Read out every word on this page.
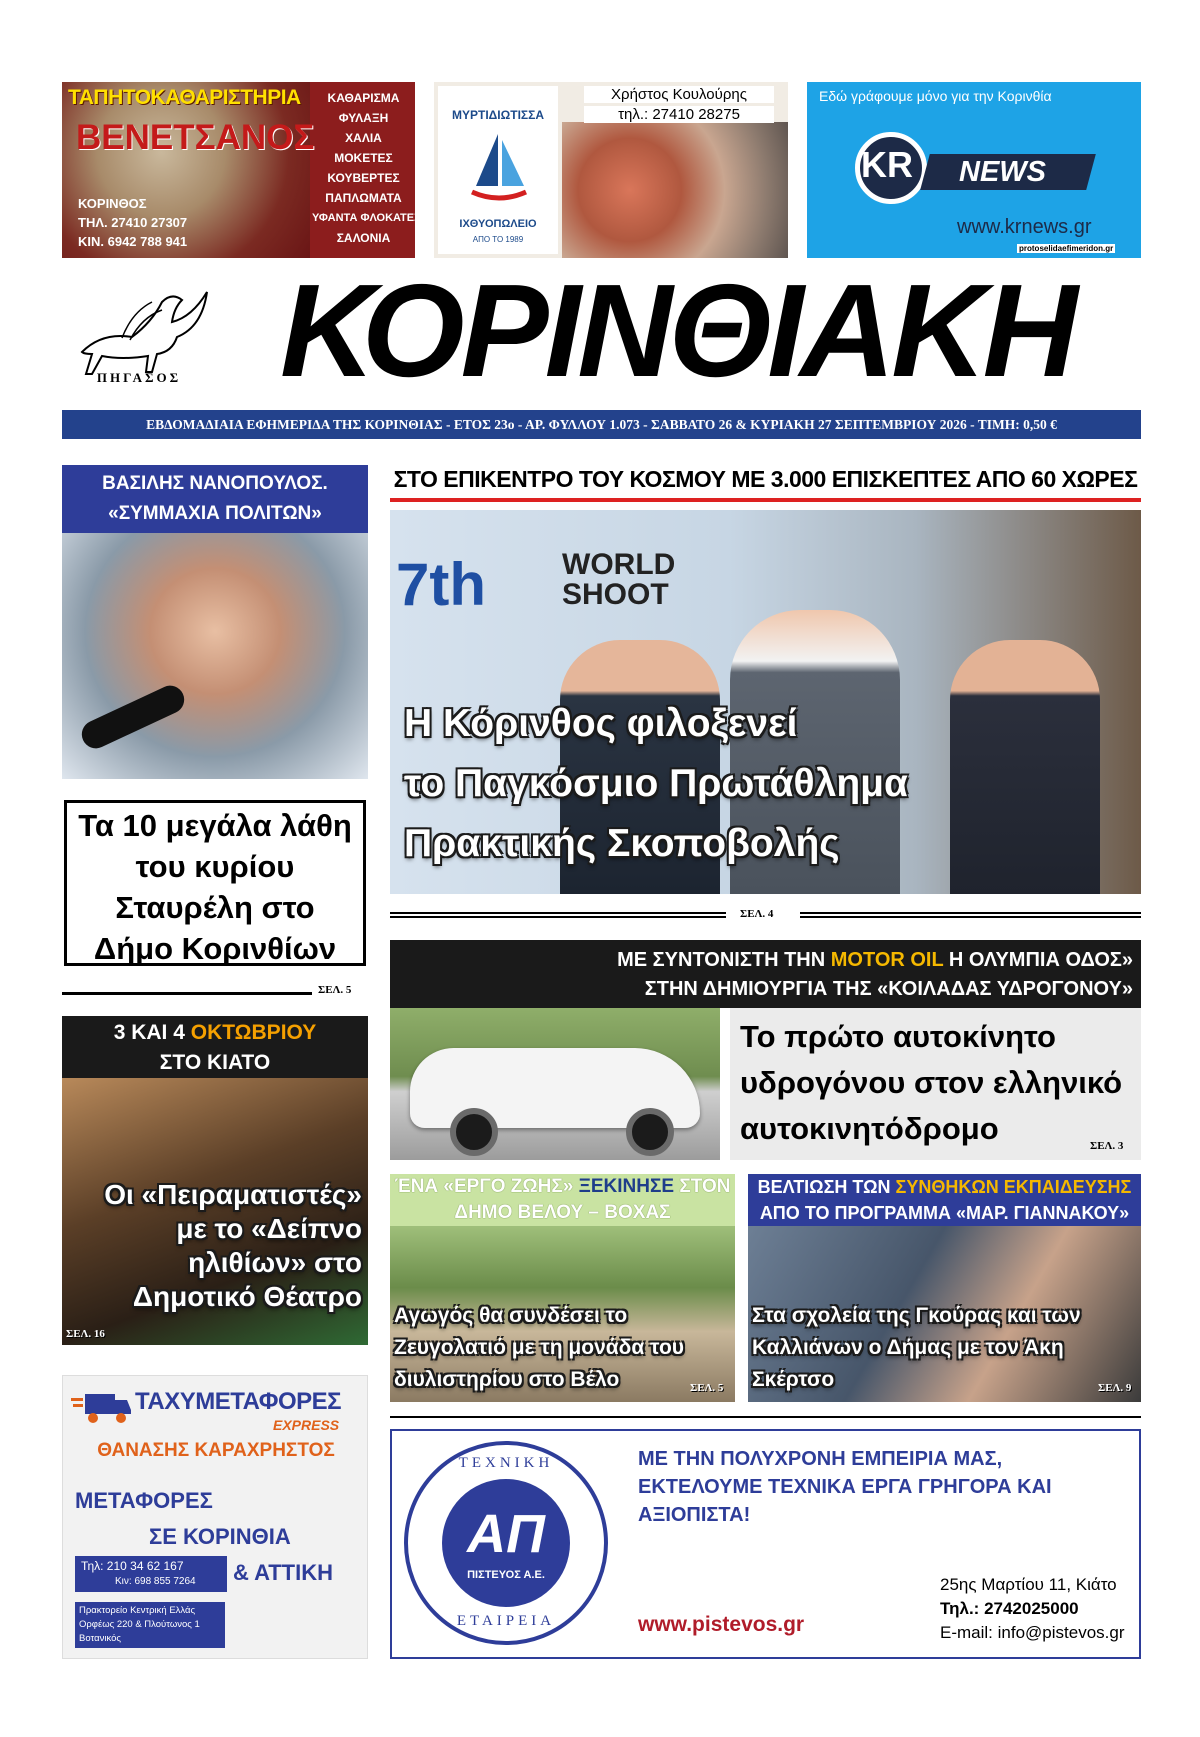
ΤΑΠΗΤΟΚΑΘΑΡΙΣΤΗΡΙΑ
ΒΕΝΕΤΣΑΝΟΣ
ΚΟΡΙΝΘΟΣ
ΤΗΛ. 27410 27307
ΚΙΝ. 6942 788 941
ΚΑΘΑΡΙΣΜΑ
ΦΥΛΑΞΗ
ΧΑΛΙΑ
ΜΟΚΕΤΕΣ
ΚΟΥΒΕΡΤΕΣ
ΠΑΠΛΩΜΑΤΑ
ΥΦΑΝΤΑ ΦΛΟΚΑΤΕΣ
ΣΑΛΟΝΙΑ
ΜΥΡΤΙΔΙΩΤΙΣΣΑ
ΙΧΘΥΟΠΩΛΕΙΟ
ΑΠΟ ΤΟ 1989
Χρήστος Κουλούρης
τηλ.: 27410 28275
Εδώ γράφουμε μόνο για την Κορινθία
KR NEWS
www.krnews.gr
protoselidaefimeridon.gr
ΠΗΓΑΣΟΣ ΚΟΡΙΝΘΙΑΚΗ
ΕΒΔΟΜΑΔΙΑΙΑ ΕΦΗΜΕΡΙΔΑ ΤΗΣ ΚΟΡΙΝΘΙΑΣ - ΕΤΟΣ 23ο - ΑΡ. ΦΥΛΛΟΥ 1.073 - ΣΑΒΒΑΤΟ 26 & ΚΥΡΙΑΚΗ 27 ΣΕΠΤΕΜΒΡΙΟΥ 2026 - ΤΙΜΗ: 0,50 €
ΒΑΣΙΛΗΣ ΝΑΝΟΠΟΥΛΟΣ.
«ΣΥΜΜΑΧΙΑ ΠΟΛΙΤΩΝ»
Τα 10 μεγάλα λάθη του κυρίου Σταυρέλη στο Δήμο Κορινθίων
ΣΕΛ. 5
ΣΤΟ ΕΠΙΚΕΝΤΡΟ ΤΟΥ ΚΟΣΜΟΥ ΜΕ 3.000 ΕΠΙΣΚΕΠΤΕΣ ΑΠΟ 60 ΧΩΡΕΣ
7th	WORLD SHOOT
Η Κόρινθος φιλοξενεί
το Παγκόσμιο Πρωτάθλημα
Πρακτικής Σκοποβολής
ΣΕΛ. 4
ΜΕ ΣΥΝΤΟΝΙΣΤΗ ΤΗΝ MOTOR OIL Η ΟΛΥΜΠΙΑ ΟΔΟΣ»
ΣΤΗΝ ΔΗΜΙΟΥΡΓΙΑ ΤΗΣ «ΚΟΙΛΑΔΑΣ ΥΔΡΟΓΟΝΟΥ»
Το πρώτο αυτοκίνητο υδρογόνου στον ελληνικό αυτοκινητόδρομο	ΣΕΛ. 3
3 ΚΑΙ 4 ΟΚΤΩΒΡΙΟΥ
ΣΤΟ ΚΙΑΤΟ
Οι «Πειραματιστές» με το «Δείπνο ηλιθίων» στο Δημοτικό Θέατρο
ΣΕΛ. 16
ΈΝΑ «ΕΡΓΟ ΖΩΗΣ» ΞΕΚΙΝΗΣΕ ΣΤΟΝ
ΔΗΜΟ ΒΕΛΟΥ – ΒΟΧΑΣ
Αγωγός θα συνδέσει το Ζευγολατιό με τη μονάδα του διυλιστηρίου στο Βέλο	ΣΕΛ. 5
ΒΕΛΤΙΩΣΗ ΤΩΝ ΣΥΝΘΗΚΩΝ ΕΚΠΑΙΔΕΥΣΗΣ
ΑΠΟ ΤΟ ΠΡΟΓΡΑΜΜΑ «ΜΑΡ. ΓΙΑΝΝΑΚΟΥ»
Στα σχολεία της Γκούρας και των Καλλιάνων ο Δήμας με τον Άκη Σκέρτσο	ΣΕΛ. 9
ΤΑΧΥΜΕΤΑΦΟΡΕΣ
EXPRESS
ΘΑΝΑΣΗΣ ΚΑΡΑΧΡΗΣΤΟΣ
ΜΕΤΑΦΟΡΕΣ
ΣΕ ΚΟΡΙΝΘΙΑ
Τηλ: 210 34 62 167
Κιν: 698 855 7264 & ΑΤΤΙΚΗ
Πρακτορείο Κεντρική Ελλάς Ορφέως 220 & Πλούτωνος 1 Βοτανικός
ΤΕΧΝΙΚΗ
ΕΤΑΙΡΕΙΑ
ΑΠ
ΠΙΣΤΕΥΟΣ Α.Ε.
ΜΕ ΤΗΝ ΠΟΛΥΧΡΟΝΗ ΕΜΠΕΙΡΙΑ ΜΑΣ, ΕΚΤΕΛΟΥΜΕ ΤΕΧΝΙΚΑ ΕΡΓΑ ΓΡΗΓΟΡΑ ΚΑΙ ΑΞΙΟΠΙΣΤΑ!
www.pistevos.gr
25ης Μαρτίου 11, Κιάτο
Τηλ.: 2742025000
E-mail: info@pistevos.gr
